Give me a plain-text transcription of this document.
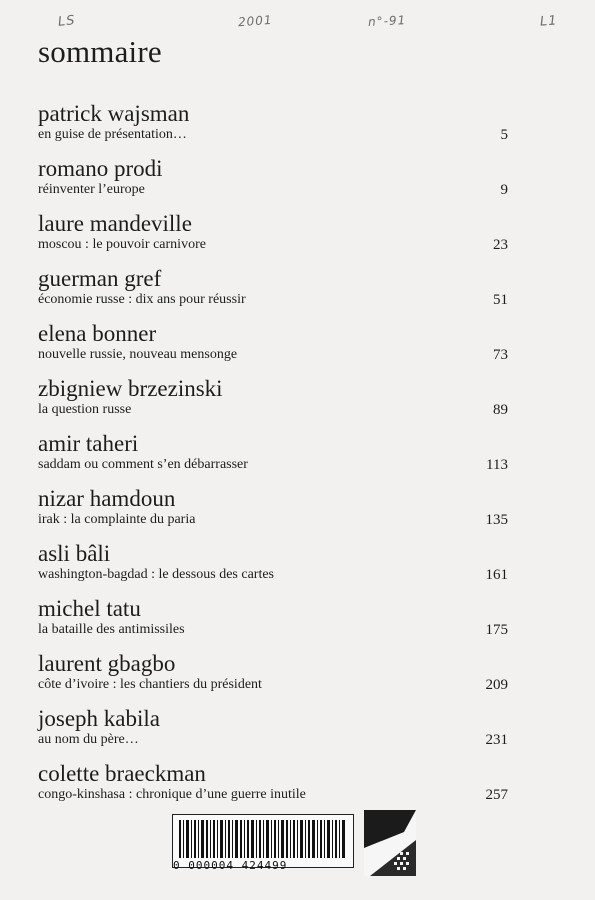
ᒪS	2001	n°-91	L1
sommaire
patrick wajsman
en guise de présentation…	5
romano prodi
réinventer l’europe	9
laure mandeville
moscou : le pouvoir carnivore	23
guerman gref
économie russe : dix ans pour réussir	51
elena bonner
nouvelle russie, nouveau mensonge	73
zbigniew brzezinski
la question russe	89
amir taheri
saddam ou comment s’en débarrasser	113
nizar hamdoun
irak : la complainte du paria	135
asli bâli
washington-bagdad : le dessous des cartes	161
michel tatu
la bataille des antimissiles	175
laurent gbagbo
côte d’ivoire : les chantiers du président	209
joseph kabila
au nom du père…	231
colette braeckman
congo-kinshasa : chronique d’une guerre inutile	257
0 000004 424499
